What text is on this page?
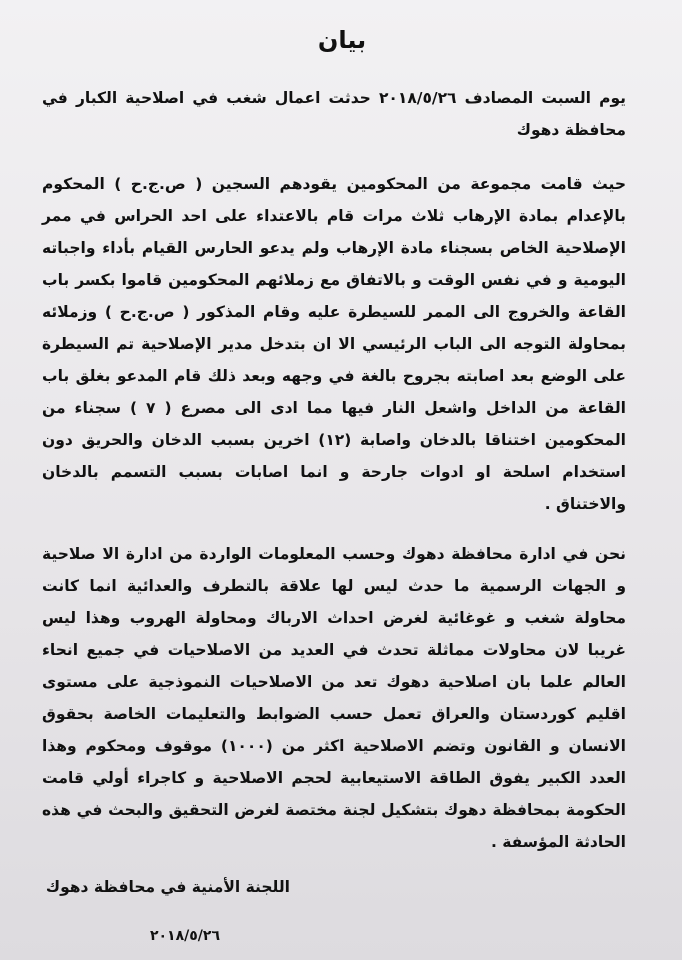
بيان

يوم السبت المصادف ٢٠١٨/٥/٢٦ حدثت اعمال شغب في اصلاحية الكبار في محافظة دهوك

حيث قامت مجموعة من المحكومين يقودهم السجين ( ص.ج.ح ) المحكوم بالإعدام بمادة الإرهاب ثلاث مرات قام بالاعتداء على احد الحراس في ممر الإصلاحية الخاص بسجناء مادة الإرهاب ولم يدعو الحارس القيام بأداء واجباته اليومية و في نفس الوقت و بالاتفاق مع زملائهم المحكومين قاموا بكسر باب القاعة والخروج الى الممر للسيطرة عليه وقام المذكور ( ص.ج.ح ) وزملائه بمحاولة التوجه الى الباب الرئيسي الا ان بتدخل مدير الإصلاحية تم السيطرة على الوضع بعد اصابته بجروح بالغة في وجهه وبعد ذلك قام المدعو بغلق باب القاعة من الداخل واشعل النار فيها مما ادى الى مصرع ( ٧ ) سجناء من المحكومين اختناقا بالدخان واصابة (١٢) اخرين بسبب الدخان والحريق دون استخدام اسلحة او ادوات جارحة و انما اصابات بسبب التسمم بالدخان والاختناق .

نحن في ادارة محافظة دهوك وحسب المعلومات الواردة من ادارة الا صلاحية و الجهات الرسمية ما حدث ليس لها علاقة بالتطرف والعدائية انما كانت محاولة شغب و غوغائية لغرض احداث الارباك ومحاولة الهروب وهذا ليس غريبا لان محاولات مماثلة تحدث في العديد من الاصلاحيات في جميع انحاء العالم علما بان اصلاحية دهوك تعد من الاصلاحيات النموذجية على مستوى اقليم كوردستان والعراق تعمل حسب الضوابط والتعليمات الخاصة بحقوق الانسان و القانون وتضم الاصلاحية اكثر من (١٠٠٠) موقوف ومحكوم وهذا العدد الكبير يفوق الطاقة الاستيعابية لحجم الاصلاحية و كاجراء أولي قامت الحكومة بمحافظة دهوك بتشكيل لجنة مختصة لغرض التحقيق والبحث في هذه الحادثة المؤسفة .

اللجنة الأمنية في محافظة دهوك
٢٠١٨/٥/٢٦
